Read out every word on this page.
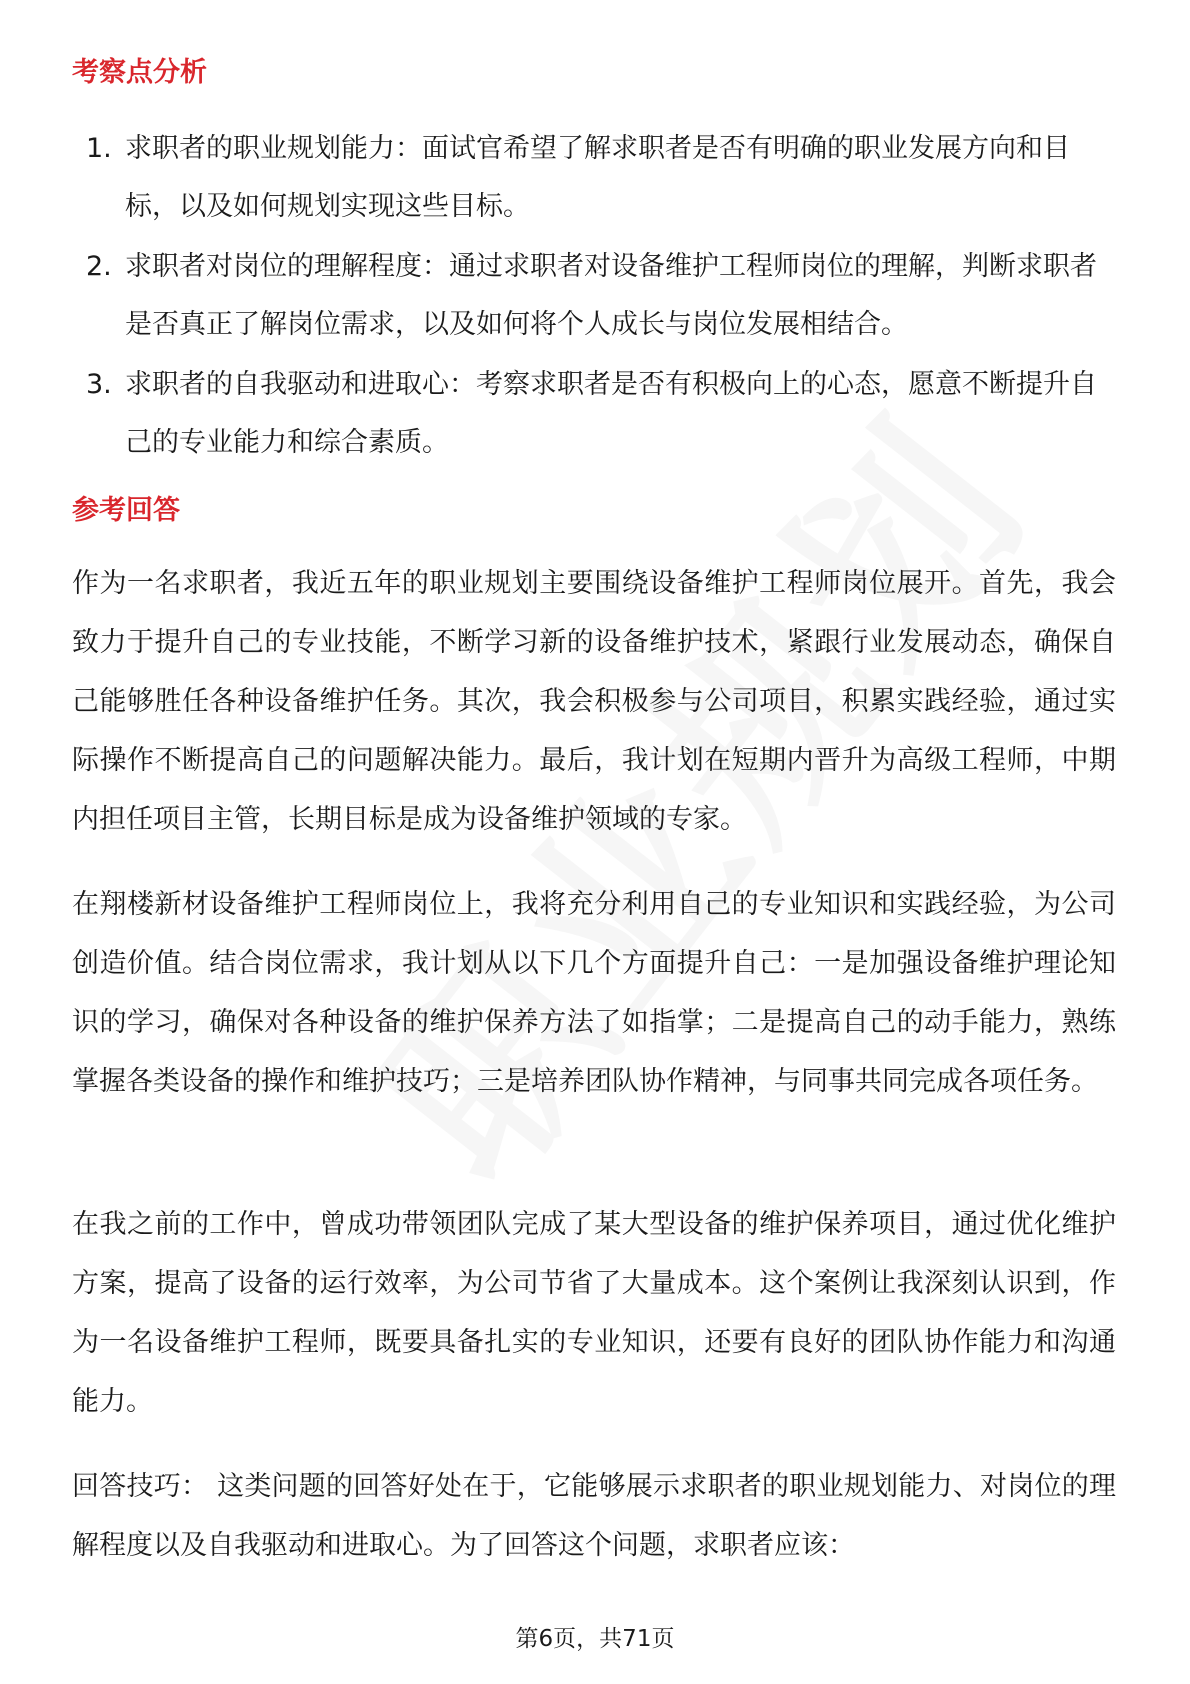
考察点分析
1. 求职者的职业规划能力：面试官希望了解求职者是否有明确的职业发展方向和目标，以及如何规划实现这些目标。
2. 求职者对岗位的理解程度：通过求职者对设备维护工程师岗位的理解，判断求职者是否真正了解岗位需求，以及如何将个人成长与岗位发展相结合。
3. 求职者的自我驱动和进取心：考察求职者是否有积极向上的心态，愿意不断提升自己的专业能力和综合素质。
参考回答

作为一名求职者，我近五年的职业规划主要围绕设备维护工程师岗位展开。首先，我会致力于提升自己的专业技能，不断学习新的设备维护技术，紧跟行业发展动态，确保自己能够胜任各种设备维护任务。其次，我会积极参与公司项目，积累实践经验，通过实际操作不断提高自己的问题解决能力。最后，我计划在短期内晋升为高级工程师，中期内担任项目主管，长期目标是成为设备维护领域的专家。

在翔楼新材设备维护工程师岗位上，我将充分利用自己的专业知识和实践经验，为公司创造价值。结合岗位需求，我计划从以下几个方面提升自己：一是加强设备维护理论知识的学习，确保对各种设备的维护保养方法了如指掌；二是提高自己的动手能力，熟练掌握各类设备的操作和维护技巧；三是培养团队协作精神，与同事共同完成各项任务。

在我之前的工作中，曾成功带领团队完成了某大型设备的维护保养项目，通过优化维护方案，提高了设备的运行效率，为公司节省了大量成本。这个案例让我深刻认识到，作为一名设备维护工程师，既要具备扎实的专业知识，还要有良好的团队协作能力和沟通能力。

回答技巧： 这类问题的回答好处在于，它能够展示求职者的职业规划能力、对岗位的理解程度以及自我驱动和进取心。为了回答这个问题，求职者应该：

第6页，共71页
